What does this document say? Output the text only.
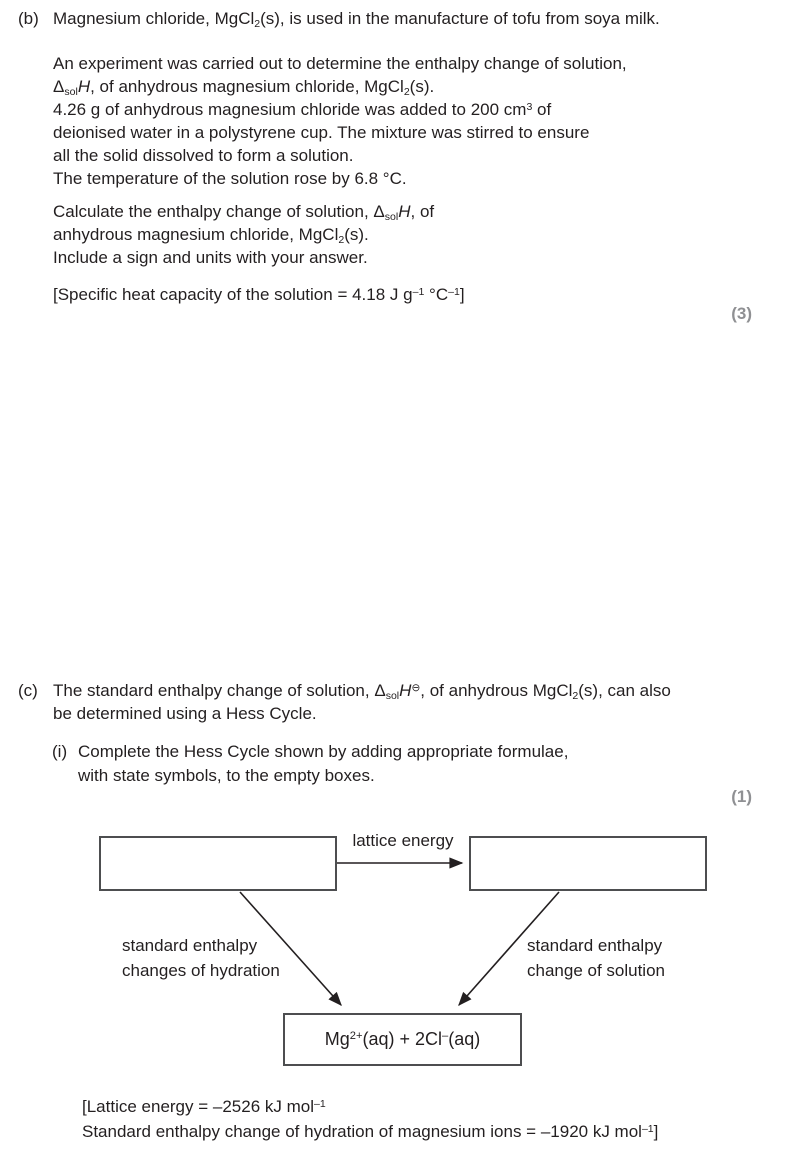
(b) Magnesium chloride, MgCl$_2$(s), is used in the manufacture of tofu from soya milk.
An experiment was carried out to determine the enthalpy change of solution,
$\Delta_{sol}H$, of anhydrous magnesium chloride, MgCl$_2$(s).
4.26 g of anhydrous magnesium chloride was added to 200 $cm^3$ of
deionised water in a polystyrene cup. The mixture was stirred to ensure
all the solid dissolved to form a solution.
The temperature of the solution rose by 6.8 °C.
Calculate the enthalpy change of solution, $\Delta_{sol}H$, of
anhydrous magnesium chloride, MgCl$_2$(s).
Include a sign and units with your answer.
[Specific heat capacity of the solution = 4.18 J $g^{-1}$ $^\circ C^{-1}$]
(3)
(c) The standard enthalpy change of solution, $\Delta_{sol}H^⊖$, of anhydrous MgCl$_2$(s), can also
be determined using a Hess Cycle.
(i) Complete the Hess Cycle shown by adding appropriate formulae,
with state symbols, to the empty boxes.
(1)
lattice energy
standard enthalpy
changes of hydration
standard enthalpy
change of solution
$Mg^{2+}(aq) + 2Cl^-(aq)$
[Lattice energy = –2526 kJ mol$^{-1}$
Standard enthalpy change of hydration of magnesium ions = –1920 kJ mol$^{-1}$]
